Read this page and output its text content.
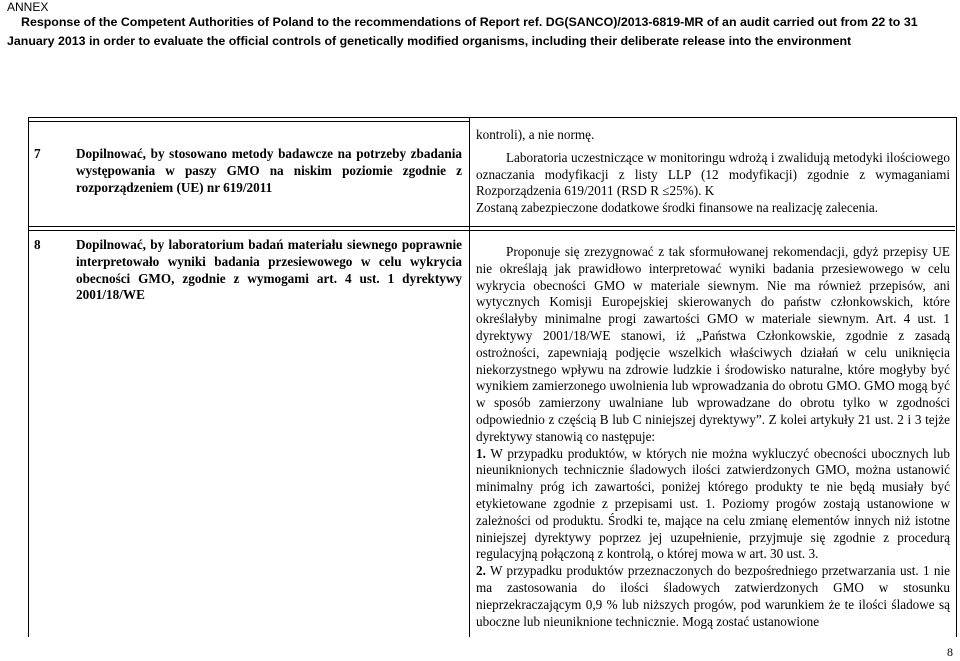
ANNEX
Response of the Competent Authorities of Poland to the recommendations of Report ref. DG(SANCO)/2013-6819-MR of an audit carried out from 22 to 31
January 2013 in order to evaluate the official controls of genetically modified organisms, including their deliberate release into the environment
7	Dopilnować, by stosowano metody badawcze na potrzeby zbadania występowania w paszy GMO na niskim poziomie zgodnie z rozporządzeniem (UE) nr 619/2011

kontroli), a nie normę.

Laboratoria uczestniczące w monitoringu wdrożą i zwalidują metodyki ilościowego oznaczania modyfikacji z listy LLP (12 modyfikacji) zgodnie z wymaganiami Rozporządzenia 619/2011 (RSD R ≤25%). K

Zostaną zabezpieczone dodatkowe środki finansowe na realizację zalecenia.

8	Dopilnować, by laboratorium badań materiału siewnego poprawnie interpretowało wyniki badania przesiewowego w celu wykrycia obecności GMO, zgodnie z wymogami art. 4 ust. 1 dyrektywy 2001/18/WE

Proponuje się zrezygnować z tak sformułowanej rekomendacji, gdyż przepisy UE nie określają jak prawidłowo interpretować wyniki badania przesiewowego w celu wykrycia obecności GMO w materiale siewnym. Nie ma również przepisów, ani wytycznych Komisji Europejskiej skierowanych do państw członkowskich, które określałyby minimalne progi zawartości GMO w materiale siewnym. Art. 4 ust. 1 dyrektywy 2001/18/WE stanowi, iż „Państwa Członkowskie, zgodnie z zasadą ostrożności, zapewniają podjęcie wszelkich właściwych działań w celu uniknięcia niekorzystnego wpływu na zdrowie ludzkie i środowisko naturalne, które mogłyby być wynikiem zamierzonego uwolnienia lub wprowadzania do obrotu GMO. GMO mogą być w sposób zamierzony uwalniane lub wprowadzane do obrotu tylko w zgodności odpowiednio z częścią B lub C niniejszej dyrektywy”. Z kolei artykuły 21 ust. 2 i 3 tejże dyrektywy stanowią co następuje:

1. W przypadku produktów, w których nie można wykluczyć obecności ubocznych lub nieuniknionych technicznie śladowych ilości zatwierdzonych GMO, można ustanowić minimalny próg ich zawartości, poniżej którego produkty te nie będą musiały być etykietowane zgodnie z przepisami ust. 1. Poziomy progów zostają ustanowione w zależności od produktu. Środki te, mające na celu zmianę elementów innych niż istotne niniejszej dyrektywy poprzez jej uzupełnienie, przyjmuje się zgodnie z procedurą regulacyjną połączoną z kontrolą, o której mowa w art. 30 ust. 3.

2. W przypadku produktów przeznaczonych do bezpośredniego przetwarzania ust. 1 nie ma zastosowania do ilości śladowych zatwierdzonych GMO w stosunku nieprzekraczającym 0,9 % lub niższych progów, pod warunkiem że te ilości śladowe są uboczne lub nieuniknione technicznie. Mogą zostać ustanowione

8
